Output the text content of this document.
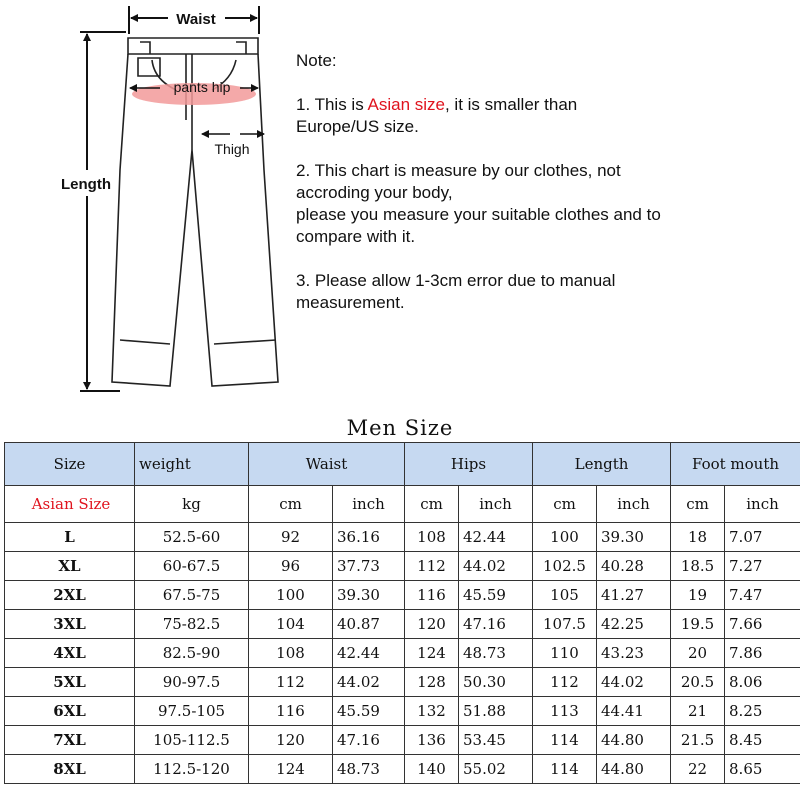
Waist
Length
pants hip
Thigh

Note:

1. This is Asian size, it is smaller than
Europe/US size.

2. This chart is measure by our clothes, not
accroding your body,
please you measure your suitable clothes and to
compare with it.

3. Please allow 1-3cm error due to manual
measurement.

Men Size
Size	weight	Waist		Hips		Length		Foot mouth	
Asian Size	kg	cm	inch	cm	inch	cm	inch	cm	inch
L	52.5-60	92	36.16	108	42.44	100	39.30	18	7.07
XL	60-67.5	96	37.73	112	44.02	102.5	40.28	18.5	7.27
2XL	67.5-75	100	39.30	116	45.59	105	41.27	19	7.47
3XL	75-82.5	104	40.87	120	47.16	107.5	42.25	19.5	7.66
4XL	82.5-90	108	42.44	124	48.73	110	43.23	20	7.86
5XL	90-97.5	112	44.02	128	50.30	112	44.02	20.5	8.06
6XL	97.5-105	116	45.59	132	51.88	113	44.41	21	8.25
7XL	105-112.5	120	47.16	136	53.45	114	44.80	21.5	8.45
8XL	112.5-120	124	48.73	140	55.02	114	44.80	22	8.65
